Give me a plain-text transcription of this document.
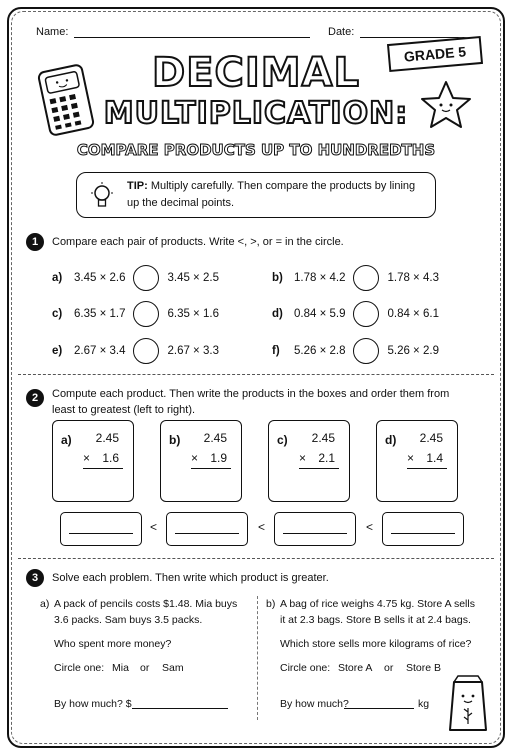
Name:	Date:
GRADE 5
DECIMAL
MULTIPLICATION:
COMPARE PRODUCTS UP TO HUNDREDTHS
TIP: Multiply carefully. Then compare the products by lining up the decimal points.
1	Compare each pair of products. Write <, >, or = in the circle.
a)	3.45 × 2.6	3.45 × 2.5	b) 1.78 × 4.2	1.78 × 4.3
c)	6.35 × 1.7	6.35 × 1.6	d) 0.84 × 5.9	0.84 × 6.1
e)	2.67 × 3.4	2.67 × 3.3	f)	5.26 × 2.8	5.26 × 2.9
2	Compute each product. Then write the products in the boxes and order them from least to greatest (left to right).
a) 2.45
× 1.6
b) 2.45
× 1.9
c) 2.45
× 2.1
d) 2.45
× 1.4
<	<	<
3	Solve each problem. Then write which product is greater.
a) A pack of pencils costs $1.48. Mia buys
3.6 packs. Sam buys 3.5 packs.
Who spent more money?
Circle one: Mia or Sam
By how much? $
b) A bag of rice weighs 4.75 kg. Store A sells
it at 2.3 bags. Store B sells it at 2.4 bags.
Which store sells more kilograms of rice?
Circle one: Store A or Store B
By how much?	kg
